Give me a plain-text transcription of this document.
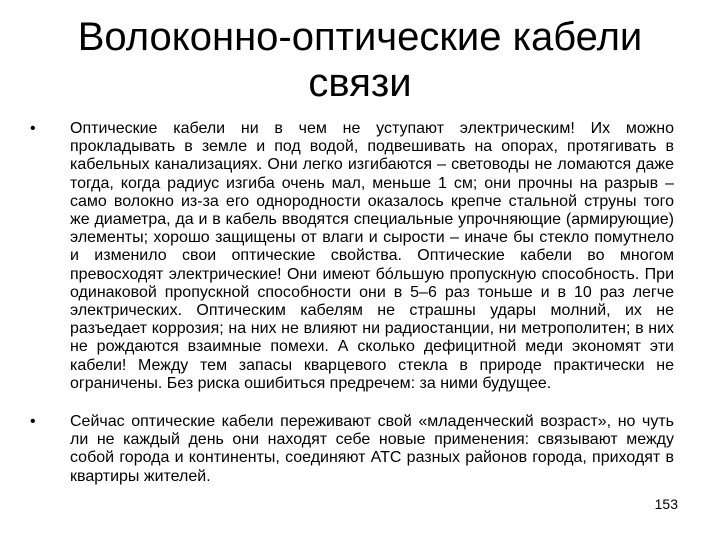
Волоконно-оптические кабели
связи
•	Оптические кабели ни в чем не уступают электрическим! Их можно прокладывать в земле и под водой, подвешивать на опорах, протягивать в кабельных канализациях. Они легко изгибаются – световоды не ломаются даже тогда, когда радиус изгиба очень мал, меньше 1 см; они прочны на разрыв – само волокно из-за его однородности оказалось крепче стальной струны того же диаметра, да и в кабель вводятся специальные упрочняющие (армирующие) элементы; хорошо защищены от влаги и сырости – иначе бы стекло помутнело и изменило свои оптические свойства. Оптические кабели во многом превосходят электрические! Они имеют бóльшую пропускную способность. При одинаковой пропускной способности они в 5–6 раз тоньше и в 10 раз легче электрических. Оптическим кабелям не страшны удары молний, их не разъедает коррозия; на них не влияют ни радиостанции, ни метрополитен; в них не рождаются взаимные помехи. А сколько дефицитной меди экономят эти кабели! Между тем запасы кварцевого стекла в природе практически не ограничены. Без риска ошибиться предречем: за ними будущее.
•	Сейчас оптические кабели переживают свой «младенческий возраст», но чуть ли не каждый день они находят себе новые применения: связывают между собой города и континенты, соединяют АТС разных районов города, приходят в квартиры жителей.
153
